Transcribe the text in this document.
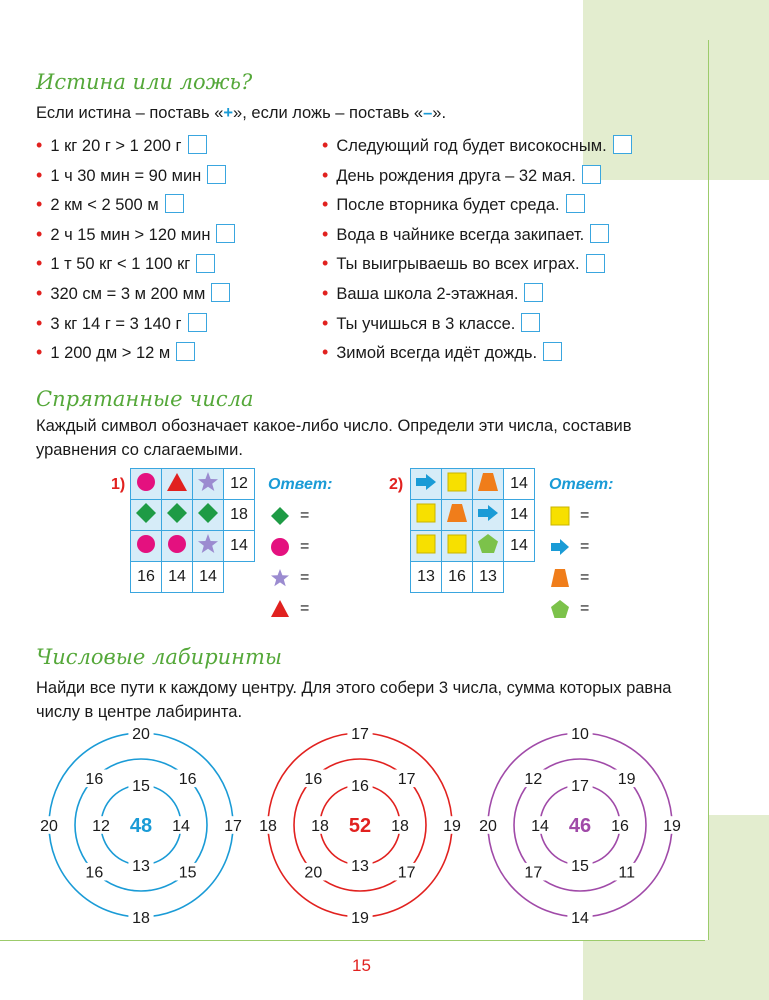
Истина или ложь?
Если истина – поставь «+», если ложь – поставь «–».
• 1 кг 20 г > 1 200 г
• 1 ч 30 мин = 90 мин
• 2 км < 2 500 м
• 2 ч 15 мин > 120 мин
• 1 т 50 кг < 1 100 кг
• 320 см = 3 м 200 мм
• 3 кг 14 г = 3 140 г
• 1 200 дм > 12 м
• Следующий год будет високосным.
• День рождения друга – 32 мая.
• После вторника будет среда.
• Вода в чайнике всегда закипает.
• Ты выигрываешь во всех играх.
• Ваша школа 2-этажная.
• Ты учишься в 3 классе.
• Зимой всегда идёт дождь.
Спрятанные числа
Каждый символ обозначает какое-либо число. Определи эти числа, составив уравнения со слагаемыми.
1)
				12
			18
			14
16	14	14	
Ответ:
=
=
=
=
2)
				14
			14
			14
13	16	13	
Ответ:
=
=
=
=
Числовые лабиринты
Найди все пути к каждому центру. Для этого собери 3 числа, сумма которых равна числу в центре лабиринта.
20
18
20	17
16	16
16	15
15
13
12	14
48
17
19
18	19
16	17
20	17
16
13
18	18
52
10
14
20	19
12	19
17	11
17
15
14	16
46
15
